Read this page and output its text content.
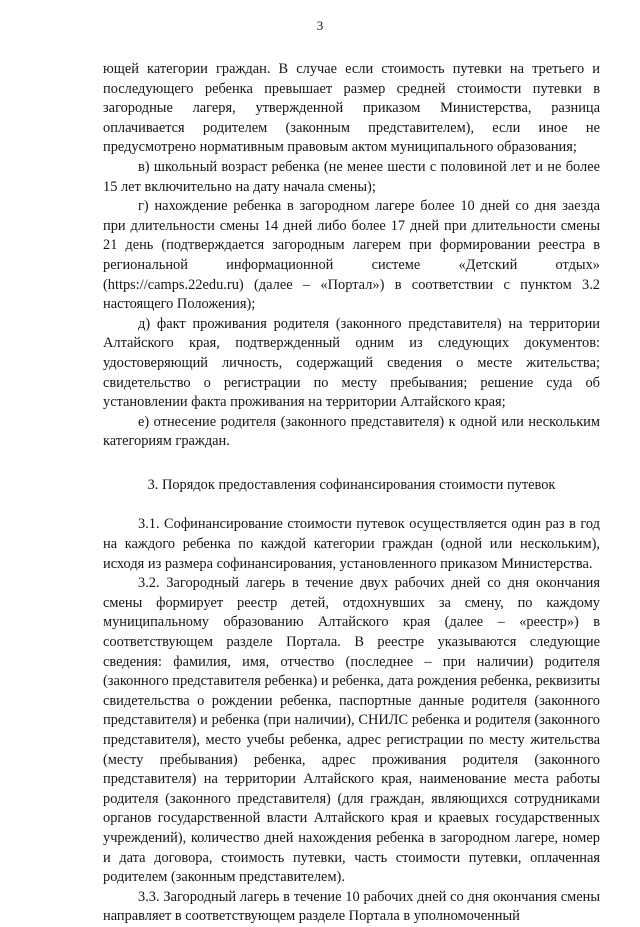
3

ющей категории граждан. В случае если стоимость путевки на третьего и последующего ребенка превышает размер средней стоимости путевки в загородные лагеря, утвержденной приказом Министерства, разница оплачивается родителем (законным представителем), если иное не предусмотрено нормативным правовым актом муниципального образования;

в) школьный возраст ребенка (не менее шести с половиной лет и не более 15 лет включительно на дату начала смены);

г) нахождение ребенка в загородном лагере более 10 дней со дня заезда при длительности смены 14 дней либо более 17 дней при длительности смены 21 день (подтверждается загородным лагерем при формировании реестра в региональной информационной системе «Детский отдых» (https://camps.22edu.ru) (далее – «Портал») в соответствии с пунктом 3.2 настоящего Положения);

д) факт проживания родителя (законного представителя) на территории Алтайского края, подтвержденный одним из следующих документов: удостоверяющий личность, содержащий сведения о месте жительства; свидетельство о регистрации по месту пребывания; решение суда об установлении факта проживания на территории Алтайского края;

е) отнесение родителя (законного представителя) к одной или нескольким категориям граждан.

3. Порядок предоставления софинансирования стоимости путевок

3.1. Софинансирование стоимости путевок осуществляется один раз в год на каждого ребенка по каждой категории граждан (одной или нескольким), исходя из размера софинансирования, установленного приказом Министерства.

3.2. Загородный лагерь в течение двух рабочих дней со дня окончания смены формирует реестр детей, отдохнувших за смену, по каждому муниципальному образованию Алтайского края (далее – «реестр») в соответствующем разделе Портала. В реестре указываются следующие сведения: фамилия, имя, отчество (последнее – при наличии) родителя (законного представителя ребенка) и ребенка, дата рождения ребенка, реквизиты свидетельства о рождении ребенка, паспортные данные родителя (законного представителя) и ребенка (при наличии), СНИЛС ребенка и родителя (законного представителя), место учебы ребенка, адрес регистрации по месту жительства (месту пребывания) ребенка, адрес проживания родителя (законного представителя) на территории Алтайского края, наименование места работы родителя (законного представителя) (для граждан, являющихся сотрудниками органов государственной власти Алтайского края и краевых государственных учреждений), количество дней нахождения ребенка в загородном лагере, номер и дата договора, стоимость путевки, часть стоимости путевки, оплаченная родителем (законным представителем).

3.3. Загородный лагерь в течение 10 рабочих дней со дня окончания смены направляет в соответствующем разделе Портала в уполномоченный
